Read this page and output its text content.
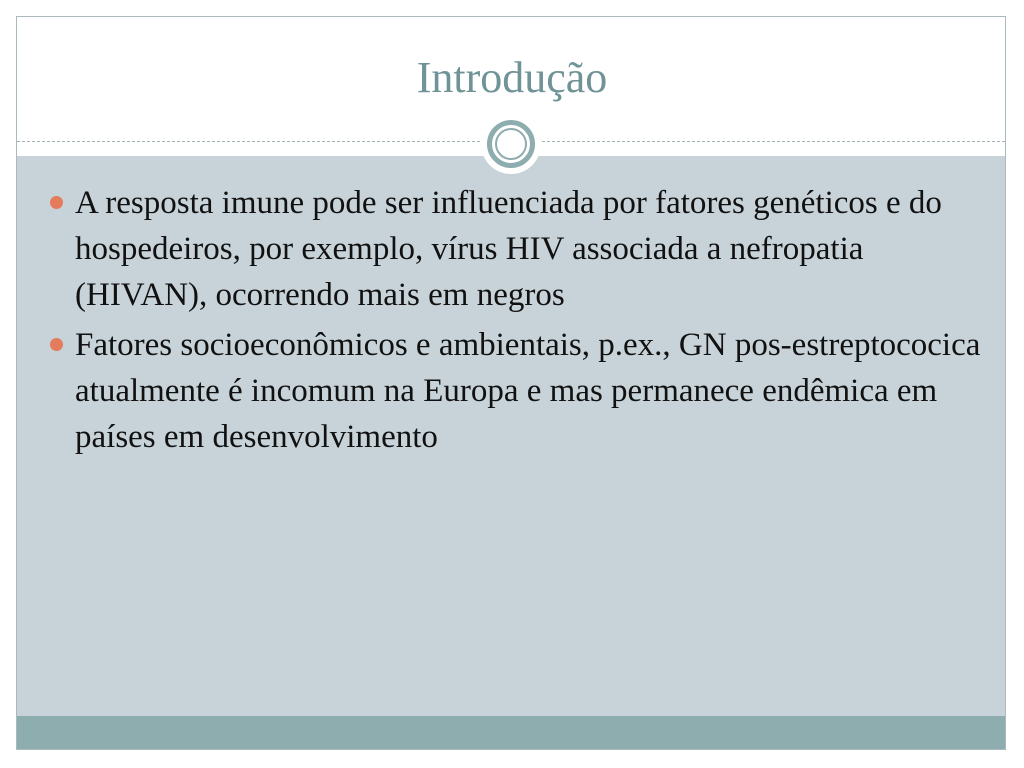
Introdução
A resposta imune pode ser influenciada por fatores genéticos e do hospedeiros, por exemplo, vírus HIV associada a nefropatia (HIVAN), ocorrendo mais em negros
Fatores socioeconômicos e ambientais, p.ex., GN pos-estreptococica atualmente é incomum na Europa e mas permanece endêmica em países em desenvolvimento
